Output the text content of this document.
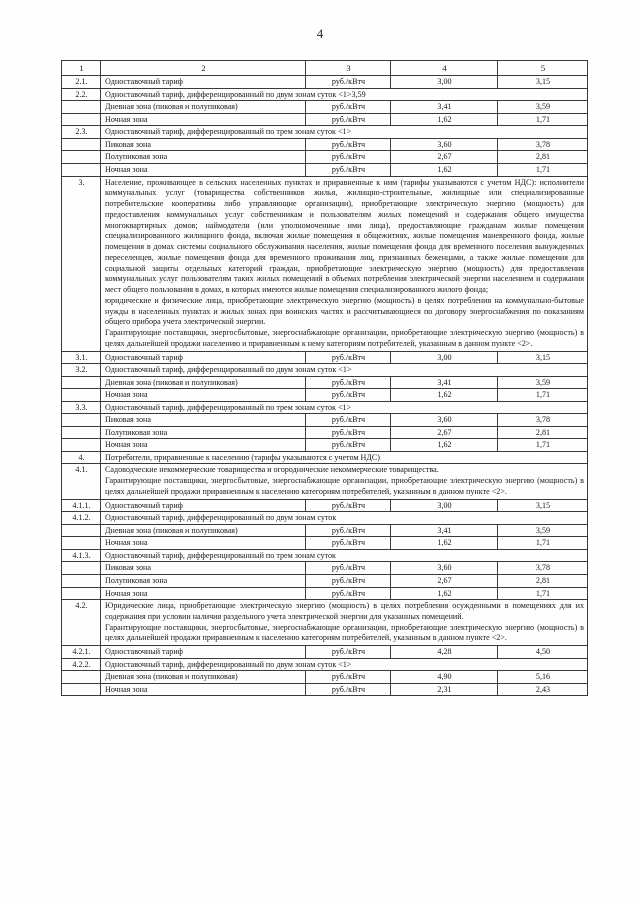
4
1	2	3	4	5
2.1.	Одноставочный тариф	руб./кВтч	3,00	3,15
2.2.	Одноставочный тариф, дифференцированный по двум зонам суток <1>3,59			
	Дневная зона (пиковая и полупиковая)	руб./кВтч	3,41	3,59
	Ночная зона	руб./кВтч	1,62	1,71
2.3.	Одноставочный тариф, дифференцированный по трем зонам суток <1>			
	Пиковая зона	руб./кВтч	3,60	3,78
	Полупиковая зона	руб./кВтч	2,67	2,81
	Ночная зона	руб./кВтч	1,62	1,71
3.	Население, проживающее в сельских населенных пунктах и приравненные к ним (тарифы указываются с учетом НДС): исполнители коммунальных услуг (товарищества собственников жилья, жилищно-строительные, жилищные или специализированные потребительские кооперативы либо управляющие организации), приобретающие электрическую энергию (мощность) для предоставления коммунальных услуг собственникам и пользователям жилых помещений и содержания общего имущества многоквартирных домов; наймодатели (или уполномоченные ими лица), предоставляющие гражданам жилые помещения специализированного жилищного фонда, включая жилые помещения в общежитиях, жилые помещения маневренного фонда, жилые помещения в домах системы социального обслуживания населения, жилые помещения фонда для временного поселения вынужденных переселенцев, жилые помещения фонда для временного проживания лиц, признанных беженцами, а также жилые помещения для социальной защиты отдельных категорий граждан, приобретающие электрическую энергию (мощность) для предоставления коммунальных услуг пользователям таких жилых помещений в объемах потребления электрической энергии населением и содержания мест общего пользования в домах, в которых имеются жилые помещения специализированного жилого фонда;

юридические и физические лица, приобретающие электрическую энергию (мощность) в целях потребления на коммунально-бытовые нужды в населенных пунктах и жилых зонах при воинских частях и рассчитывающиеся по договору энергоснабжения по показаниям общего прибора учета электрической энергии.

Гарантирующие поставщики, энергосбытовые, энергоснабжающие организации, приобретающие электрическую энергию (мощность) в целях дальнейшей продажи населению и приравненным к нему категориям потребителей, указанным в данном пункте <2>.			

3.1.	Одноставочный тариф	руб./кВтч	3,00	3,15
3.2.	Одноставочный тариф, дифференцированный по двум зонам суток <1>			
	Дневная зона (пиковая и полупиковая)	руб./кВтч	3,41	3,59
	Ночная зона	руб./кВтч	1,62	1,71
3.3.	Одноставочный тариф, дифференцированный по трем зонам суток <1>			
	Пиковая зона	руб./кВтч	3,60	3,78
	Полупиковая зона	руб./кВтч	2,67	2,81
	Ночная зона	руб./кВтч	1,62	1,71
4.	Потребители, приравненные к населению (тарифы указываются с учетом НДС)			
4.1.	Садоводческие некоммерческие товарищества и огороднические некоммерческие товарищества.

Гарантирующие поставщики, энергосбытовые, энергоснабжающие организации, приобретающие электрическую энергию (мощность) в целях дальнейшей продажи приравненным к населению категориям потребителей, указанным в данном пункте <2>.			

4.1.1.	Одноставочный тариф	руб./кВтч	3,00	3,15
4.1.2.	Одноставочный тариф, дифференцированный по двум зонам суток			
	Дневная зона (пиковая и полупиковая)	руб./кВтч	3,41	3,59
	Ночная зона	руб./кВтч	1,62	1,71
4.1.3.	Одноставочный тариф, дифференцированный по трем зонам суток			
	Пиковая зона	руб./кВтч	3,60	3,78
	Полупиковая зона	руб./кВтч	2,67	2,81
	Ночная зона	руб./кВтч	1,62	1,71
4.2.	Юридические лица, приобретающие электрическую энергию (мощность) в целях потребления осужденными в помещениях для их содержания при условии наличия раздельного учета электрической энергии для указанных помещений.

Гарантирующие поставщики, энергосбытовые, энергоснабжающие организации, приобретающие электрическую энергию (мощность) в целях дальнейшей продажи приравненным к населению категориям потребителей, указанным в данном пункте <2>.			

4.2.1.	Одноставочный тариф	руб./кВтч	4,28	4,50
4.2.2.	Одноставочный тариф, дифференцированный по двум зонам суток <1>			
	Дневная зона (пиковая и полупиковая)	руб./кВтч	4,90	5,16
	Ночная зона	руб./кВтч	2,31	2,43
